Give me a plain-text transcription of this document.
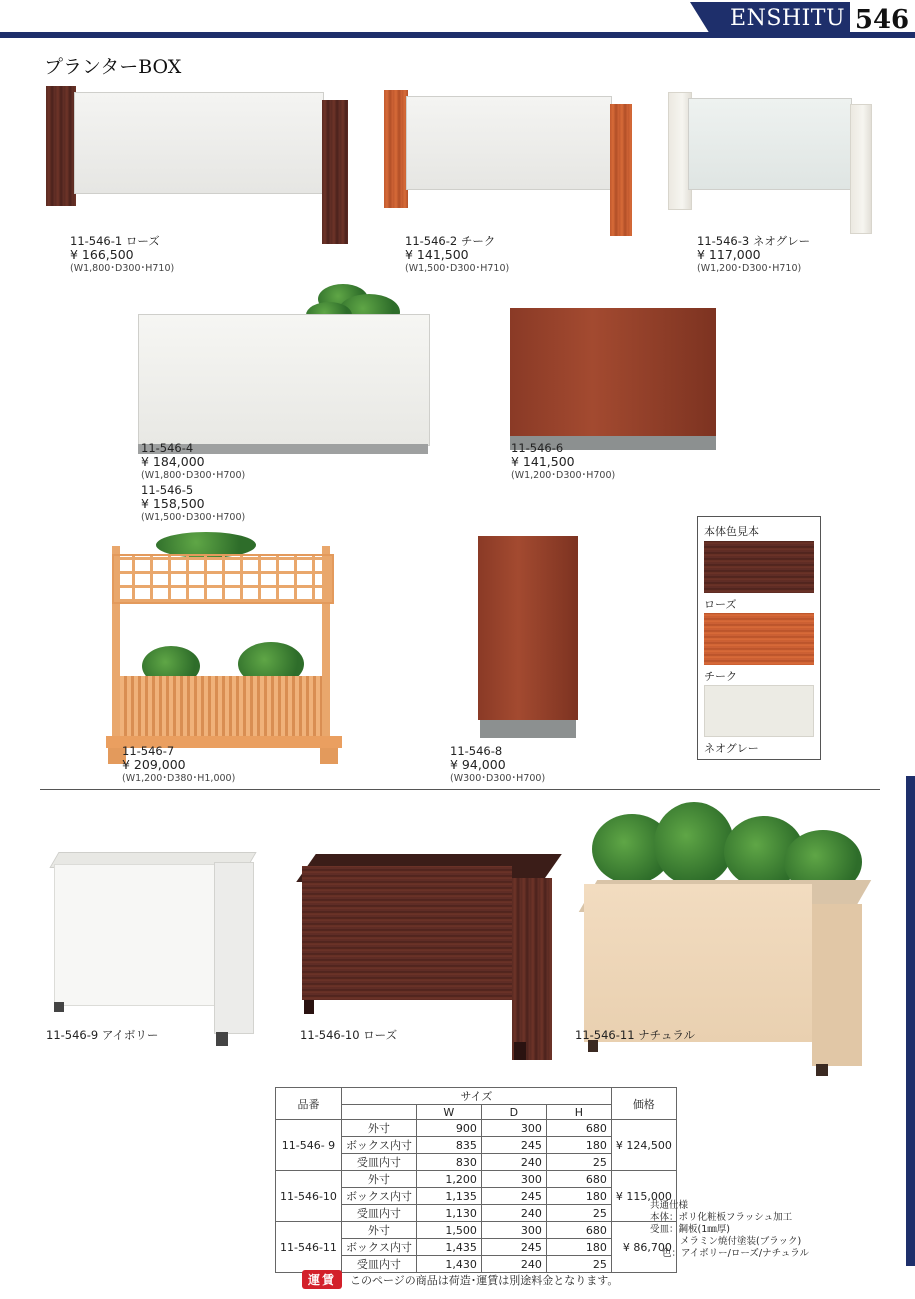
ENSHITU 546
プランターBOX
11-546-1 ローズ
¥ 166,500
(W1,800･D300･H710)
11-546-2 チーク
¥ 141,500
(W1,500･D300･H710)
11-546-3 ネオグレー
¥ 117,000
(W1,200･D300･H710)
11-546-4
¥ 184,000
(W1,800･D300･H700)
11-546-5
¥ 158,500
(W1,500･D300･H700)
11-546-6
¥ 141,500
(W1,200･D300･H700)
11-546-7
¥ 209,000
(W1,200･D380･H1,000)
11-546-8
¥ 94,000
(W300･D300･H700)
本体色見本
ローズ
チーク
ネオグレー
11-546-9 アイボリー	11-546-10 ローズ	11-546-11 ナチュラル
品番	サイズ				価格
		W	D	H	
11-546- 9	外寸	900	300	680	¥ 124,500
	ボックス内寸	835	245	180	
	受皿内寸	830	240	25	
11-546-10	外寸	1,200	300	680	¥ 115,000
	ボックス内寸	1,135	245	180	
	受皿内寸	1,130	240	25	
11-546-11	外寸	1,500	300	680	¥ 86,700
	ボックス内寸	1,435	245	180	
	受皿内寸	1,430	240	25	
共通仕様
本体：ポリ化粧板フラッシュ加工
受皿：鋼板(1㎜厚)
メラミン焼付塗装(ブラック)
色：アイボリー/ローズ/ナチュラル
運賃 このページの商品は荷造･運賃は別途料金となります。
